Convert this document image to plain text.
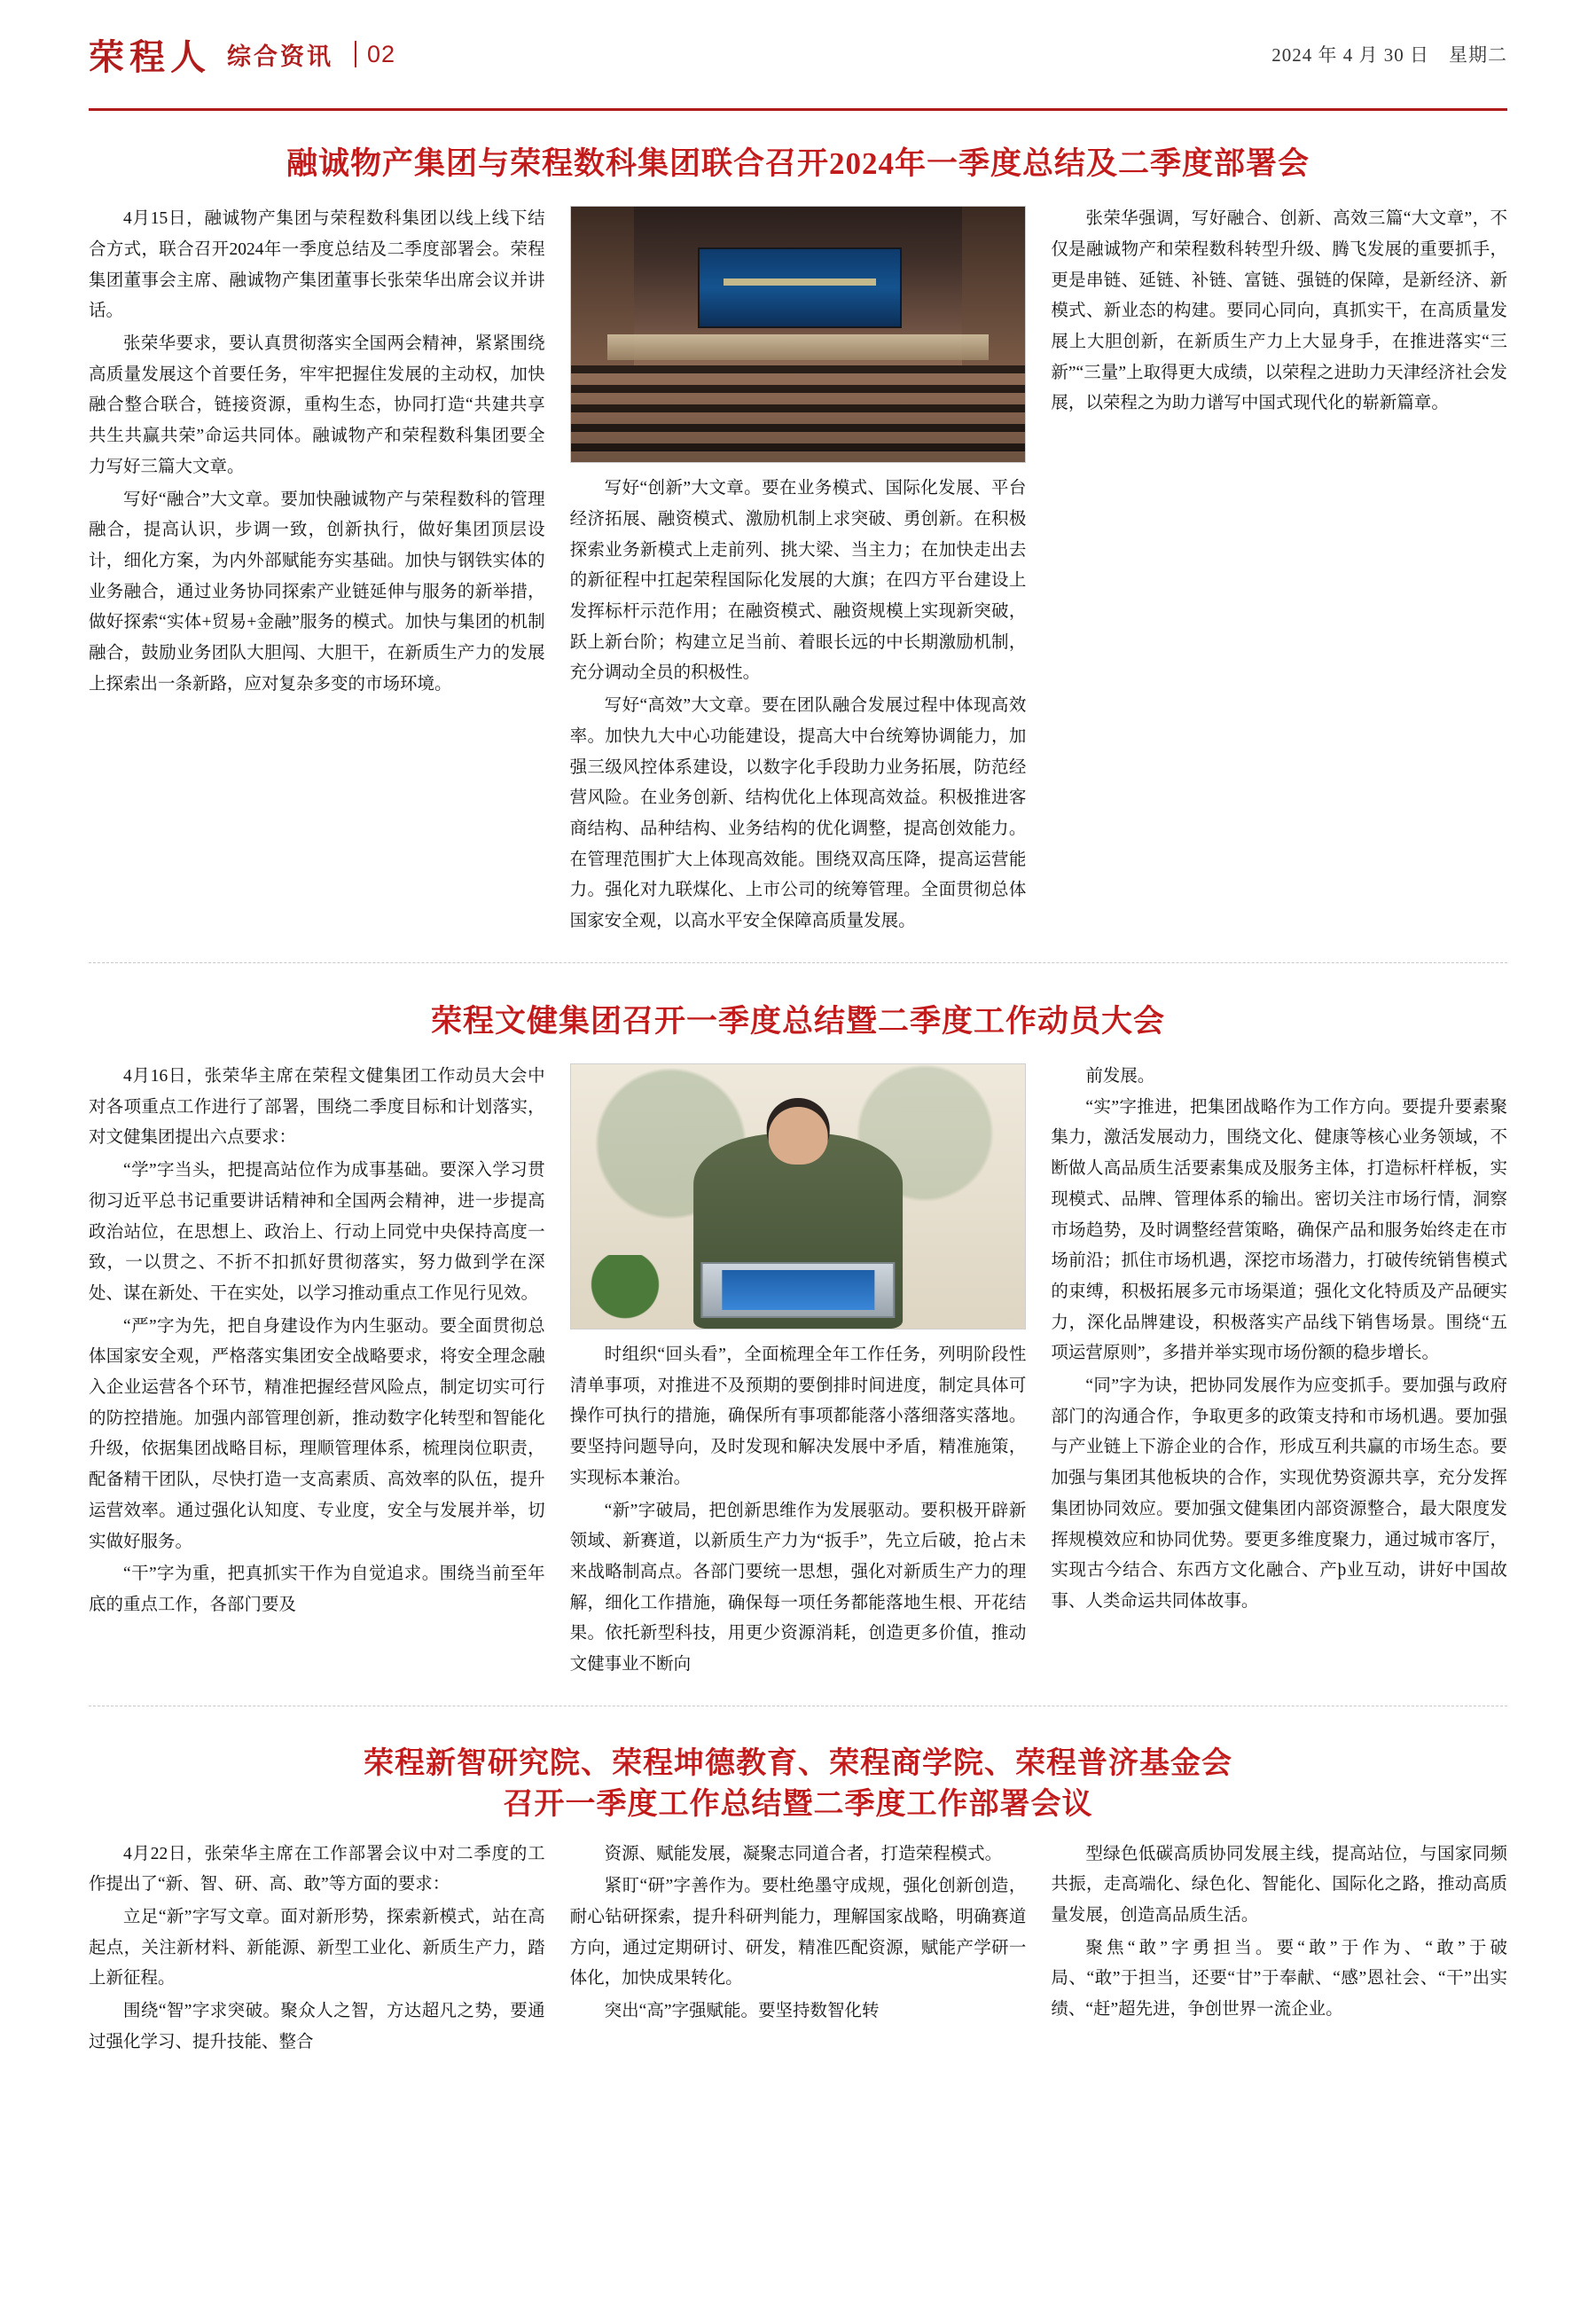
荣程人 综合资讯	02	2024 年 4 月 30 日　星期二
融诚物产集团与荣程数科集团联合召开2024年一季度总结及二季度部署会

4月15日，融诚物产集团与荣程数科集团以线上线下结合方式，联合召开2024年一季度总结及二季度部署会。荣程集团董事会主席、融诚物产集团董事长张荣华出席会议并讲话。

张荣华要求，要认真贯彻落实全国两会精神，紧紧围绕高质量发展这个首要任务，牢牢把握住发展的主动权，加快融合整合联合，链接资源，重构生态，协同打造“共建共享共生共赢共荣”命运共同体。融诚物产和荣程数科集团要全力写好三篇大文章。

写好“融合”大文章。要加快融诚物产与荣程数科的管理融合，提高认识，步调一致，创新执行，做好集团顶层设计，细化方案，为内外部赋能夯实基础。加快与钢铁实体的业务融合，通过业务协同探索产业链延伸与服务的新举措，做好探索“实体+贸易+金融”服务的模式。加快与集团的机制融合，鼓励业务团队大胆闯、大胆干，在新质生产力的发展上探索出一条新路，应对复杂多变的市场环境。

写好“创新”大文章。要在业务模式、国际化发展、平台经济拓展、融资模式、激励机制上求突破、勇创新。在积极探索业务新模式上走前列、挑大梁、当主力；在加快走出去的新征程中扛起荣程国际化发展的大旗；在四方平台建设上发挥标杆示范作用；在融资模式、融资规模上实现新突破，跃上新台阶；构建立足当前、着眼长远的中长期激励机制，充分调动全员的积极性。

写好“高效”大文章。要在团队融合发展过程中体现高效率。加快九大中心功能建设，提高大中台统筹协调能力，加强三级风控体系建设，以数字化手段助力业务拓展，防范经营风险。在业务创新、结构优化上体现高效益。积极推进客商结构、品种结构、业务结构的优化调整，提高创效能力。在管理范围扩大上体现高效能。围绕双高压降，提高运营能力。强化对九联煤化、上市公司的统筹管理。全面贯彻总体国家安全观，以高水平安全保障高质量发展。

张荣华强调，写好融合、创新、高效三篇“大文章”，不仅是融诚物产和荣程数科转型升级、腾飞发展的重要抓手，更是串链、延链、补链、富链、强链的保障，是新经济、新模式、新业态的构建。要同心同向，真抓实干，在高质量发展上大胆创新，在新质生产力上大显身手，在推进落实“三新”“三量”上取得更大成绩，以荣程之进助力天津经济社会发展，以荣程之为助力谱写中国式现代化的崭新篇章。

荣程文健集团召开一季度总结暨二季度工作动员大会

4月16日，张荣华主席在荣程文健集团工作动员大会中对各项重点工作进行了部署，围绕二季度目标和计划落实，对文健集团提出六点要求：

“学”字当头，把提高站位作为成事基础。要深入学习贯彻习近平总书记重要讲话精神和全国两会精神，进一步提高政治站位，在思想上、政治上、行动上同党中央保持高度一致，一以贯之、不折不扣抓好贯彻落实，努力做到学在深处、谋在新处、干在实处，以学习推动重点工作见行见效。

“严”字为先，把自身建设作为内生驱动。要全面贯彻总体国家安全观，严格落实集团安全战略要求，将安全理念融入企业运营各个环节，精准把握经营风险点，制定切实可行的防控措施。加强内部管理创新，推动数字化转型和智能化升级，依据集团战略目标，理顺管理体系，梳理岗位职责，配备精干团队，尽快打造一支高素质、高效率的队伍，提升运营效率。通过强化认知度、专业度，安全与发展并举，切实做好服务。

“干”字为重，把真抓实干作为自觉追求。围绕当前至年底的重点工作，各部门要及

时组织“回头看”，全面梳理全年工作任务，列明阶段性清单事项，对推进不及预期的要倒排时间进度，制定具体可操作可执行的措施，确保所有事项都能落小落细落实落地。要坚持问题导向，及时发现和解决发展中矛盾，精准施策，实现标本兼治。

“新”字破局，把创新思维作为发展驱动。要积极开辟新领域、新赛道，以新质生产力为“扳手”，先立后破，抢占未来战略制高点。各部门要统一思想，强化对新质生产力的理解，细化工作措施，确保每一项任务都能落地生根、开花结果。依托新型科技，用更少资源消耗，创造更多价值，推动文健事业不断向

前发展。

“实”字推进，把集团战略作为工作方向。要提升要素聚集力，激活发展动力，围绕文化、健康等核心业务领域，不断做人高品质生活要素集成及服务主体，打造标杆样板，实现模式、品牌、管理体系的输出。密切关注市场行情，洞察市场趋势，及时调整经营策略，确保产品和服务始终走在市场前沿；抓住市场机遇，深挖市场潜力，打破传统销售模式的束缚，积极拓展多元市场渠道；强化文化特质及产品硬实力，深化品牌建设，积极落实产品线下销售场景。围绕“五项运营原则”，多措并举实现市场份额的稳步增长。

“同”字为诀，把协同发展作为应变抓手。要加强与政府部门的沟通合作，争取更多的政策支持和市场机遇。要加强与产业链上下游企业的合作，形成互利共赢的市场生态。要加强与集团其他板块的合作，实现优势资源共享，充分发挥集团协同效应。要加强文健集团内部资源整合，最大限度发挥规模效应和协同优势。要更多维度聚力，通过城市客厅，实现古今结合、东西方文化融合、产þ业互动，讲好中国故事、人类命运共同体故事。

荣程新智研究院、荣程坤德教育、荣程商学院、荣程普济基金会
召开一季度工作总结暨二季度工作部署会议

4月22日，张荣华主席在工作部署会议中对二季度的工作提出了“新、智、研、高、敢”等方面的要求：

立足“新”字写文章。面对新形势，探索新模式，站在高起点，关注新材料、新能源、新型工业化、新质生产力，踏上新征程。

围绕“智”字求突破。聚众人之智，方达超凡之势，要通过强化学习、提升技能、整合

资源、赋能发展，凝聚志同道合者，打造荣程模式。

紧盯“研”字善作为。要杜绝墨守成规，强化创新创造，耐心钻研探索，提升科研判能力，理解国家战略，明确赛道方向，通过定期研讨、研发，精准匹配资源，赋能产学研一体化，加快成果转化。

突出“高”字强赋能。要坚持数智化转

型绿色低碳高质协同发展主线，提高站位，与国家同频共振，走高端化、绿色化、智能化、国际化之路，推动高质量发展，创造高品质生活。

聚焦“敢”字勇担当。要“敢”于作为、“敢”于破局、“敢”于担当，还要“甘”于奉献、“感”恩社会、“干”出实绩、“赶”超先进，争创世界一流企业。
